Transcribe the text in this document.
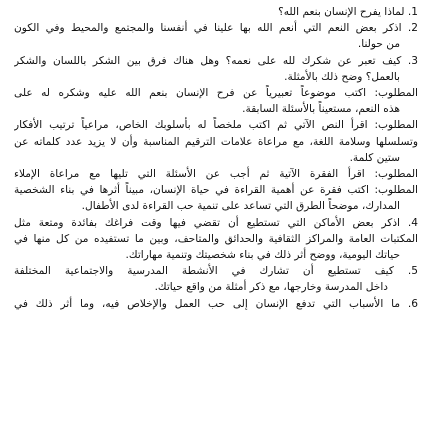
1. لماذا يفرح الإنسان بنعم الله؟
2. اذكر بعض النعم التي أنعم الله بها علينا في أنفسنا والمجتمع والمحيط وفي الكون
من حولنا.
3. كيف تعبر عن شكرك لله على نعمه؟ وهل هناك فرق بين الشكر باللسان والشكر
بالعمل؟ وضح ذلك بالأمثلة.
المطلوب: اكتب موضوعاً تعبيرياً عن فرح الإنسان بنعم الله عليه وشكره له على
هذه النعم، مستعيناً بالأسئلة السابقة.
المطلوب: اقرأ النص الآتي ثم اكتب ملخصاً له بأسلوبك الخاص، مراعياً ترتيب الأفكار
وتسلسلها وسلامة اللغة، مع مراعاة علامات الترقيم المناسبة وأن لا يزيد عدد كلماته عن
ستين كلمة.
المطلوب: اقرأ الفقرة الآتية ثم أجب عن الأسئلة التي تليها مع مراعاة الإملاء
المطلوب: اكتب فقرة عن أهمية القراءة في حياة الإنسان، مبيناً أثرها في بناء الشخصية
المدارك، موضحاً الطرق التي تساعد على تنمية حب القراءة لدى الأطفال.
4. اذكر بعض الأماكن التي تستطيع أن تقضي فيها وقت فراغك بفائدة ومتعة مثل
المكتبات العامة والمراكز الثقافية والحدائق والمتاحف، وبين ما تستفيده من كل منها في
حياتك اليومية، ووضح أثر ذلك في بناء شخصيتك وتنمية مهاراتك.
5. كيف تستطيع أن تشارك في الأنشطة المدرسية والاجتماعية المختلفة
داخل المدرسة وخارجها، مع ذكر أمثلة من واقع حياتك.
6. ما الأسباب التي تدفع الإنسان إلى حب العمل والإخلاص فيه، وما أثر ذلك في
